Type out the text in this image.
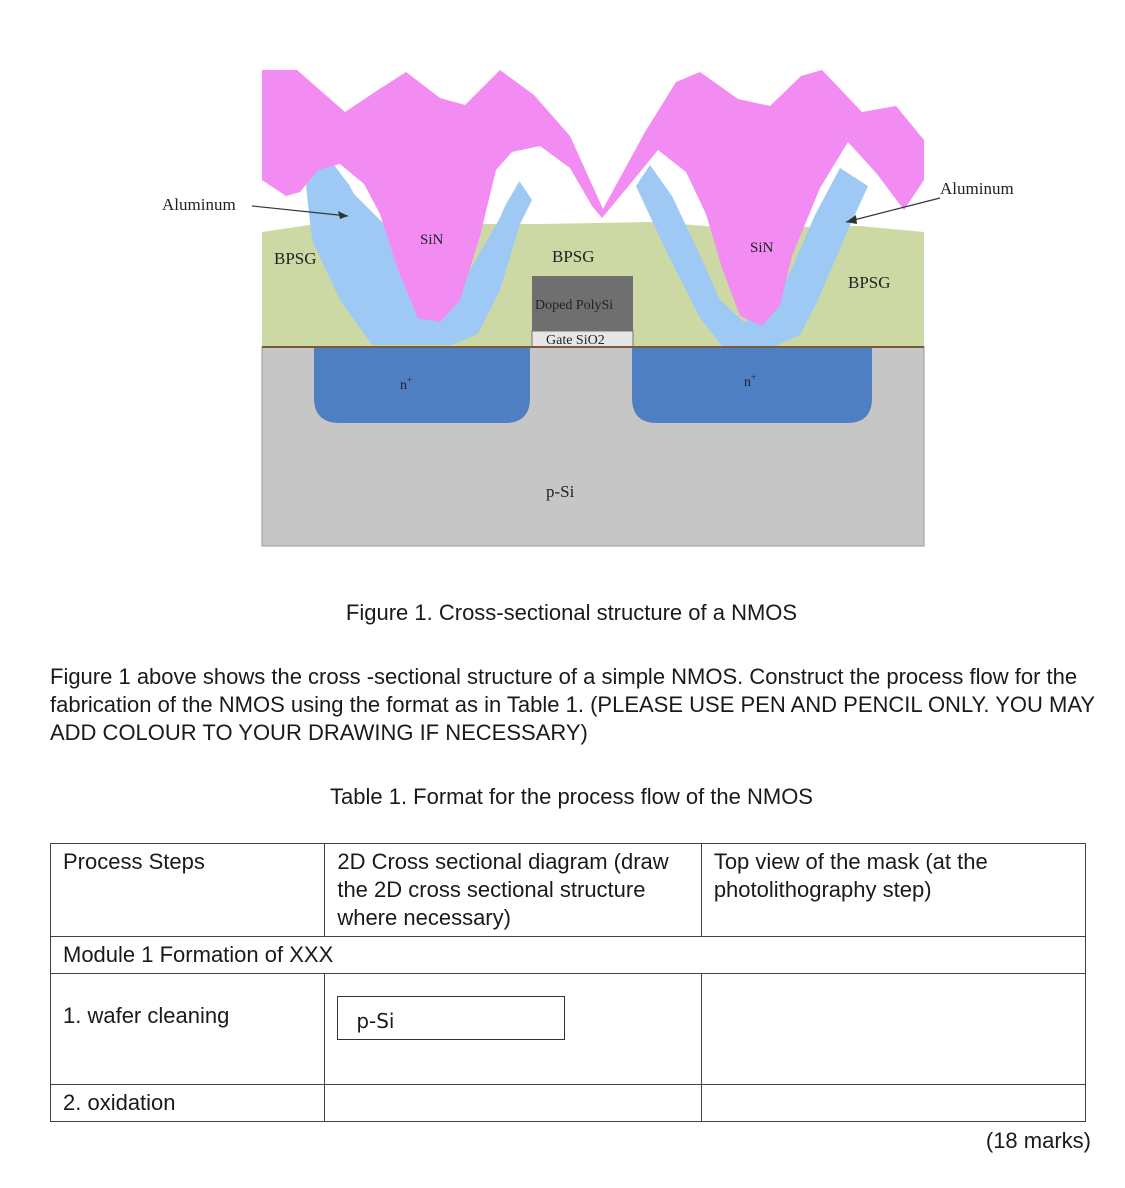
Aluminum
Aluminum
BPSG	BPSG
BPSG
SiN	SiN
Doped PolySi
Gate SiO2
n+	n+
p-Si
Figure 1. Cross-sectional structure of a NMOS
Figure 1 above shows the cross -sectional structure of a simple NMOS. Construct the process flow for the fabrication of the NMOS using the format as in Table 1. (PLEASE USE PEN AND PENCIL ONLY. YOU MAY ADD COLOUR TO YOUR DRAWING IF NECESSARY)
Table 1. Format for the process flow of the NMOS
Process Steps	2D Cross sectional diagram (draw the 2D cross sectional structure where necessary)	Top view of the mask (at the photolithography step)
Module 1 Formation of XXX		
1. wafer cleaning	p-Si	

2. oxidation		
(18 marks)
